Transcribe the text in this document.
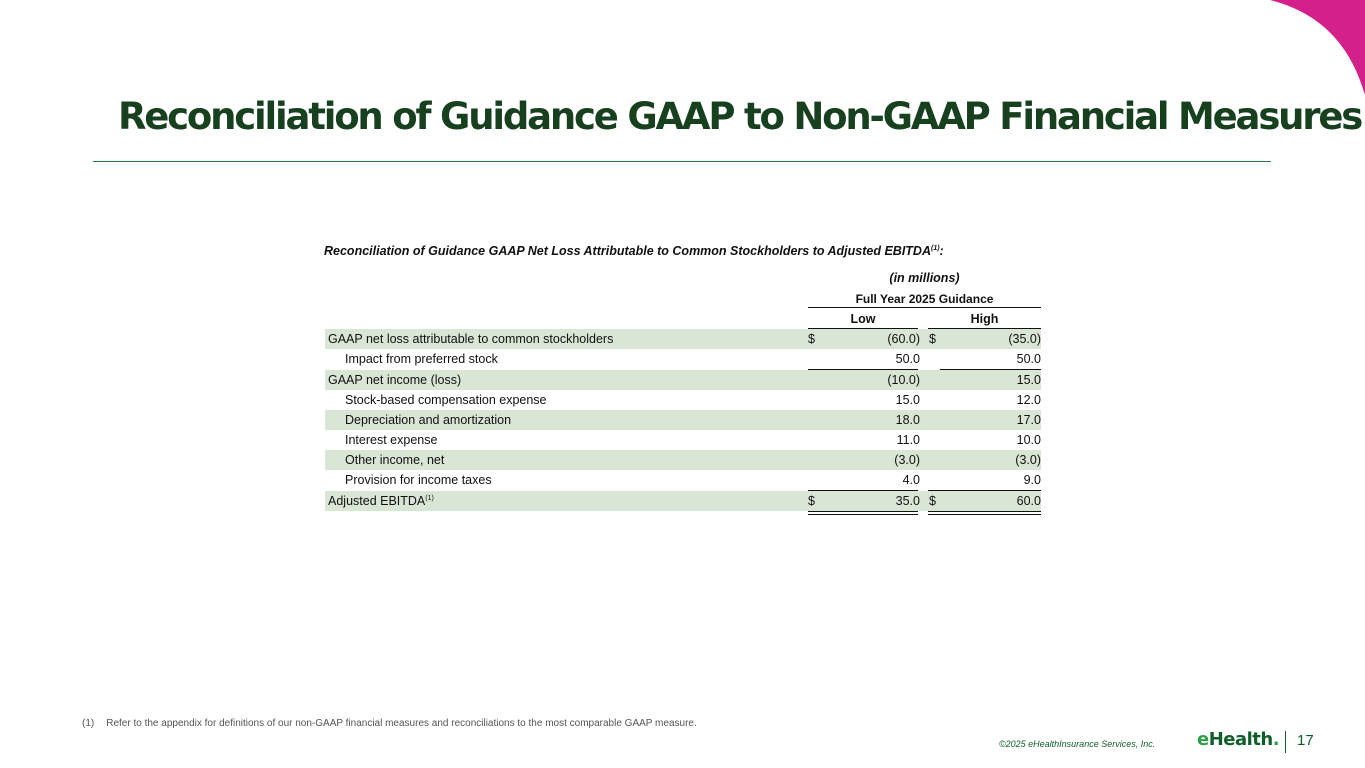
Reconciliation of Guidance GAAP to Non-GAAP Financial Measures
Reconciliation of Guidance GAAP Net Loss Attributable to Common Stockholders to Adjusted EBITDA$^{(1)}$:
(in millions)
Full Year 2025 Guidance
Low	High
GAAP net loss attributable to common stockholders	$	(60.0) $	(35.0)
Impact from preferred stock	50.0	50.0
GAAP net income (loss)	(10.0)	15.0
Stock-based compensation expense	15.0	12.0
Depreciation and amortization	18.0	17.0
Interest expense	11.0	10.0
Other income, net	(3.0)	(3.0)
Provision for income taxes	4.0	9.0
Adjusted EBITDA$^{(1)}$	$	35.0 $	60.0
(1) Refer to the appendix for definitions of our non-GAAP financial measures and reconciliations to the most comparable GAAP measure.
©2025 eHealthInsurance Services, Inc. eHealth. 17
